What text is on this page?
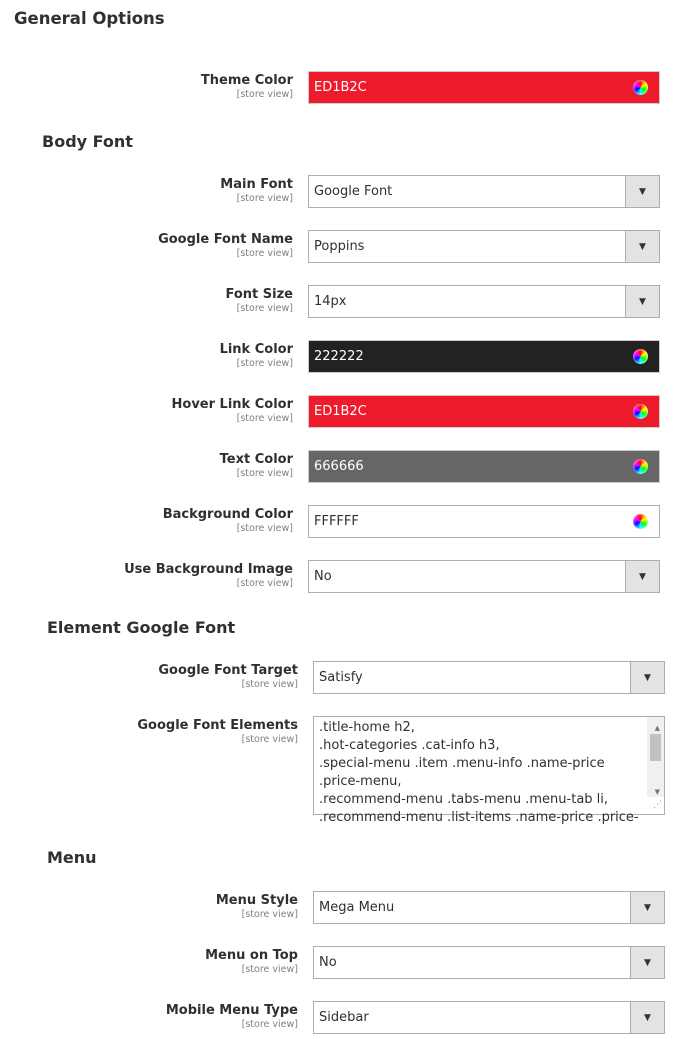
General Options
Theme Color
[store view] ED1B2C
Body Font
Main Font
[store view] Google Font	▼
Google Font Name
[store view] Poppins	▼
Font Size
[store view] 14px	▼
Link Color
[store view] 222222
Hover Link Color
[store view] ED1B2C
Text Color
[store view] 666666
Background Color
[store view] FFFFFF
Use Background Image
[store view] No	▼
Element Google Font
Google Font Target
[store view] Satisfy	▼
Google Font Elements
[store view]
.title-home h2,
.hot-categories .cat-info h3,
.special-menu .item .menu-info .name-price
.price-menu,
.recommend-menu .tabs-menu .menu-tab li,
.recommend-menu .list-items .name-price .price-
▲
▼
⋰
Menu
Menu Style
[store view] Mega Menu	▼
Menu on Top
[store view] No	▼
Mobile Menu Type
[store view] Sidebar	▼
